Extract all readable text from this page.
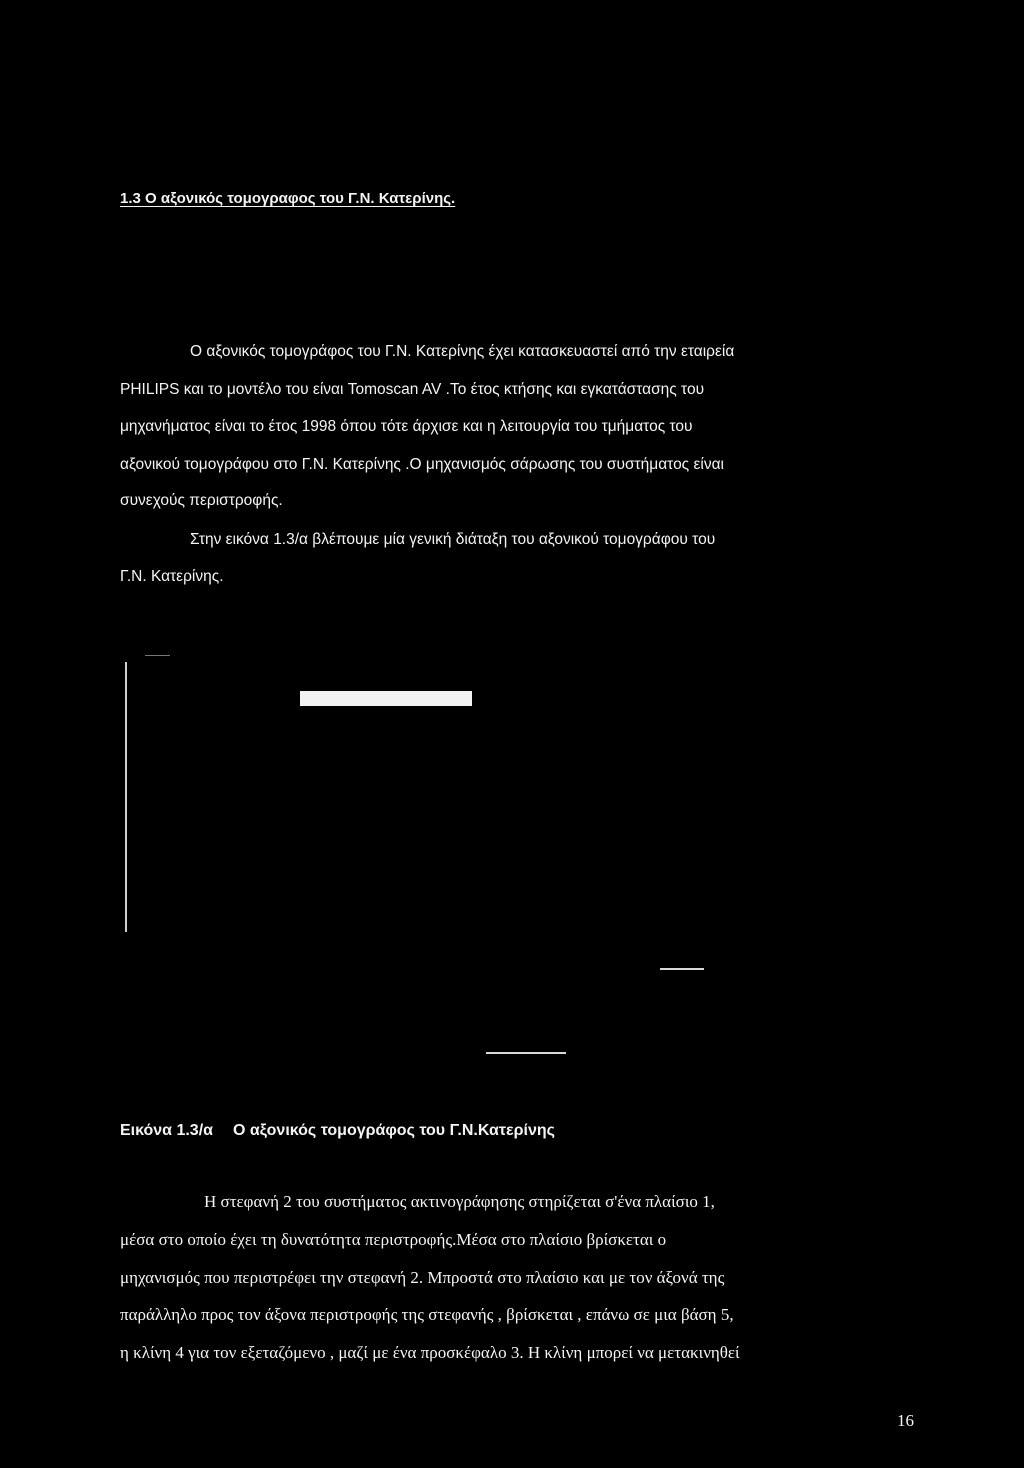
1.3 Ο αξονικός τομογραφος του Γ.Ν. Κατερίνης.
Ο αξονικός τομογράφος του Γ.Ν. Κατερίνης έχει κατασκευαστεί από την εταιρεία
PHILIPS και το μοντέλο του είναι Tomoscan AV .Το έτος κτήσης και εγκατάστασης του
μηχανήματος είναι το έτος 1998 όπου τότε άρχισε και η λειτουργία του τμήματος του
αξονικού τομογράφου στο Γ.Ν. Κατερίνης .Ο μηχανισμός σάρωσης του συστήματος είναι
συνεχούς περιστροφής.
Στην εικόνα 1.3/α βλέπουμε μία γενική διάταξη του αξονικού τομογράφου του
Γ.Ν. Κατερίνης.
Εικόνα 1.3/α Ο αξονικός τομογράφος του Γ.Ν.Κατερίνης
Η στεφανή 2 του συστήματος ακτινογράφησης στηρίζεται σ'ένα πλαίσιο 1,
μέσα στο οποίο έχει τη δυνατότητα περιστροφής.Μέσα στο πλαίσιο βρίσκεται ο
μηχανισμός που περιστρέφει την στεφανή 2. Μπροστά στο πλαίσιο και με τον άξονά της
παράλληλο προς τον άξονα περιστροφής της στεφανής , βρίσκεται , επάνω σε μια βάση 5,
η κλίνη 4 για τον εξεταζόμενο , μαζί με ένα προσκέφαλο 3. Η κλίνη μπορεί να μετακινηθεί
16
